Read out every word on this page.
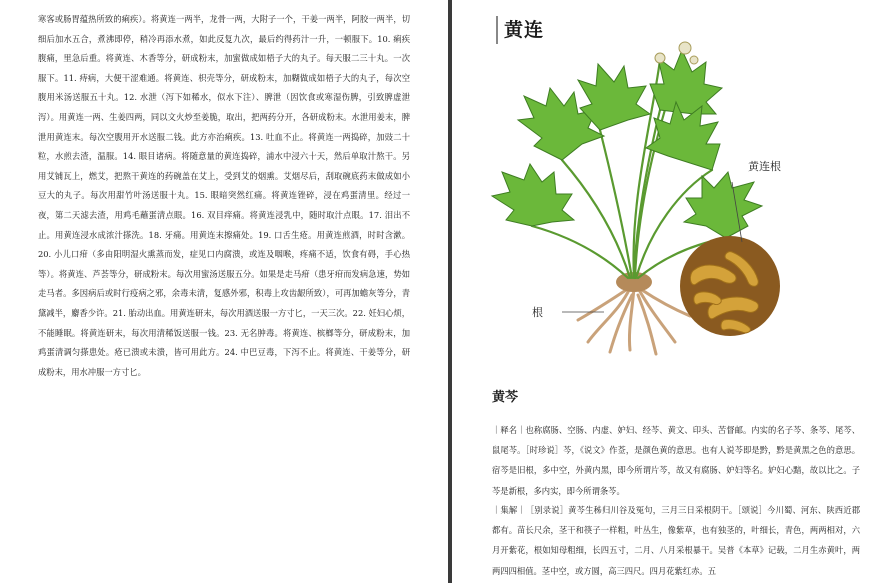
寒客或肠胃蕴热所致的痢疾）。将黄连一两半，龙骨一两，大附子一个，干姜一两半，阿胶一两半，切细后加水五合，煮沸即停，稍冷再添水煮，如此反复九次，最后约得药汁一升，一顿服下。10. 痢疾腹痛，里急后重。将黄连、木香等分，研成粉末，加蜜做成如梧子大的丸子。每天服二三十丸。一次服下。11. 痔病，大便干涩难通。将黄连、枳壳等分，研成粉末，加糊做成如梧子大的丸子，每次空腹用米汤送服五十丸。12. 水泄（泻下如稀水，似水下注）、脾泄（因饮食或寒湿伤脾，引致脾虚泄泻）。用黄连一两、生姜四两，同以文火炒至姜脆，取出，把两药分开，各研成粉末。水泄用姜末，脾泄用黄连末。每次空腹用开水送服二钱。此方亦治痢疾。13. 吐血不止。将黄连一两捣碎，加豉二十粒，水煎去渣，温服。14. 眼目诸病。将随意量的黄连捣碎，浦水中浸六十天，然后单取汁熬干。另用艾铺瓦上，燃艾，把熬干黄连的药碗盖在艾上，受到艾的烟熏。艾烟尽后，刮取碗底药末做成如小豆大的丸子。每次用甜竹叶汤送服十丸。15. 眼暗突然红痛。将黄连锉碎，浸在鸡蛋清里。经过一夜，第二天滤去渣，用鸡毛蘸蛋清点眼。16. 双目痒痛。将黄连浸乳中，随时取汁点眼。17. 泪出不止。用黄连浸水成浓汁搽洗。18. 牙痛。用黄连末擦痛处。19. 口舌生疮。用黄连煎酒，时时含漱。20. 小儿口疳（多由阳明湿火熏蒸而发，症见口内腐溃，或连及咽喉，疼痛不适，饮食有碍，手心热等）。将黄连、芦荟等分，研成粉末。每次用蜜汤送服五分。如果是走马疳（患牙疳而发病急速，势如走马者。多因病后或时行疫病之邪，余毒未清，复感外邪，积毒上攻齿龈所致），可再加蟾灰等分，青黛减半，麝香少许。21. 胎动出血。用黄连研末，每次用酒送服一方寸匕，一天三次。22. 妊妇心烦，不能睡眠。将黄连研末，每次用清稀饭送服一钱。23. 无名肿毒。将黄连、槟榔等分，研成粉末，加鸡蛋清调匀搽患处。疮已溃或未溃，皆可用此方。24. 中巴豆毒，下泻不止。将黄连、干姜等分，研成粉末，用水冲服一方寸匕。

黄连
黄连根
根
黄芩

｜释名｜也称腐肠、空肠、内虚、妒妇、经芩、黄文、印头、苦督邮。内实的名子芩、条芩、尾芩、鼠尾芩。［时珍说］芩，《说文》作莶，是颜色黄的意思。也有人说芩即是黔，黔是黄黑之色的意思。宿芩是旧根，多中空，外黄内黑，即今所谓片芩，故又有腐肠、妒妇等名。妒妇心黯，故以比之。子芩是新根，多内实，即今所谓条芩。

｜集解｜［别录说］黄芩生秭归川谷及冤句，三月三日采根阴干。［颂说］今川蜀、河东、陕西近郡都有。苗长尺余，茎干和筷子一样粗，叶丛生，像紫草，也有独茎的，叶细长，青色，两两相对，六月开紫花，根如知母粗细，长四五寸，二月、八月采根暴干。吴普《本草》记载，二月生赤黄叶，两两四四相值。茎中空，或方圆，高三四尺。四月花紫红赤。五
